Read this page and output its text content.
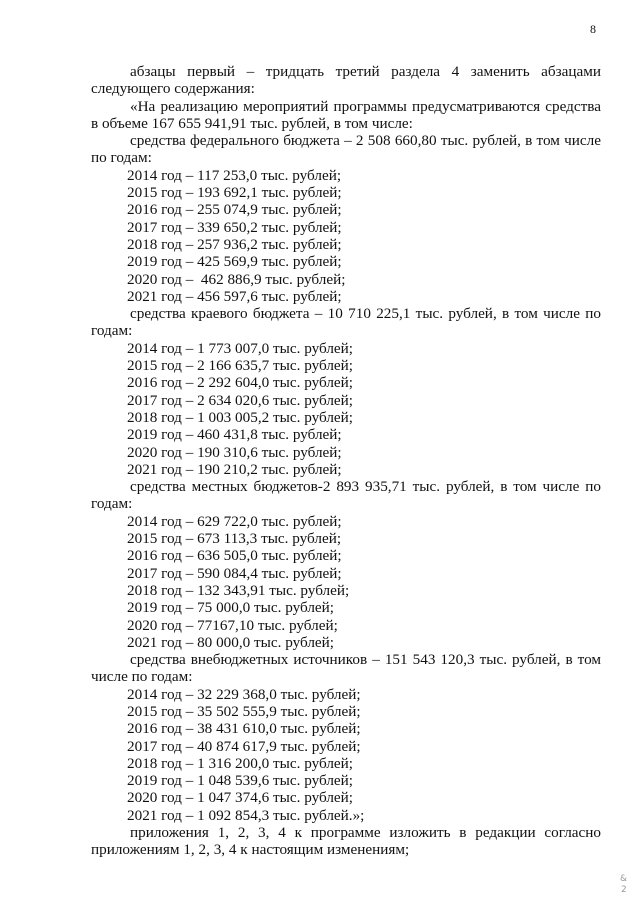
8

абзацы первый – тридцать третий раздела 4 заменить абзацами следующего содержания:

«На реализацию мероприятий программы предусматриваются средства в объеме 167 655 941,91 тыс. рублей, в том числе:

средства федерального бюджета – 2 508 660,80 тыс. рублей, в том числе по годам:

2014 год – 117 253,0 тыс. рублей;

2015 год – 193 692,1 тыс. рублей;

2016 год – 255 074,9 тыс. рублей;

2017 год – 339 650,2 тыс. рублей;

2018 год – 257 936,2 тыс. рублей;

2019 год – 425 569,9 тыс. рублей;

2020 год –  462 886,9 тыс. рублей;

2021 год – 456 597,6 тыс. рублей;

средства краевого бюджета – 10 710 225,1 тыс. рублей, в том числе по годам:

2014 год – 1 773 007,0 тыс. рублей;

2015 год – 2 166 635,7 тыс. рублей;

2016 год – 2 292 604,0 тыс. рублей;

2017 год – 2 634 020,6 тыс. рублей;

2018 год – 1 003 005,2 тыс. рублей;

2019 год – 460 431,8 тыс. рублей;

2020 год – 190 310,6 тыс. рублей;

2021 год – 190 210,2 тыс. рублей;

средства местных бюджетов-2 893 935,71 тыс. рублей, в том числе по годам:

2014 год – 629 722,0 тыс. рублей;

2015 год – 673 113,3 тыс. рублей;

2016 год – 636 505,0 тыс. рублей;

2017 год – 590 084,4 тыс. рублей;

2018 год – 132 343,91 тыс. рублей;

2019 год – 75 000,0 тыс. рублей;

2020 год – 77167,10 тыс. рублей;

2021 год – 80 000,0 тыс. рублей;

средства внебюджетных источников – 151 543 120,3 тыс. рублей, в том числе по годам:

2014 год – 32 229 368,0 тыс. рублей;

2015 год – 35 502 555,9 тыс. рублей;

2016 год – 38 431 610,0 тыс. рублей;

2017 год – 40 874 617,9 тыс. рублей;

2018 год – 1 316 200,0 тыс. рублей;

2019 год – 1 048 539,6 тыс. рублей;

2020 год – 1 047 374,6 тыс. рублей;

2021 год – 1 092 854,3 тыс. рублей.»;

приложения 1, 2, 3, 4 к программе изложить в редакции согласно приложениям 1, 2, 3, 4 к настоящим изменениям;

&
2
